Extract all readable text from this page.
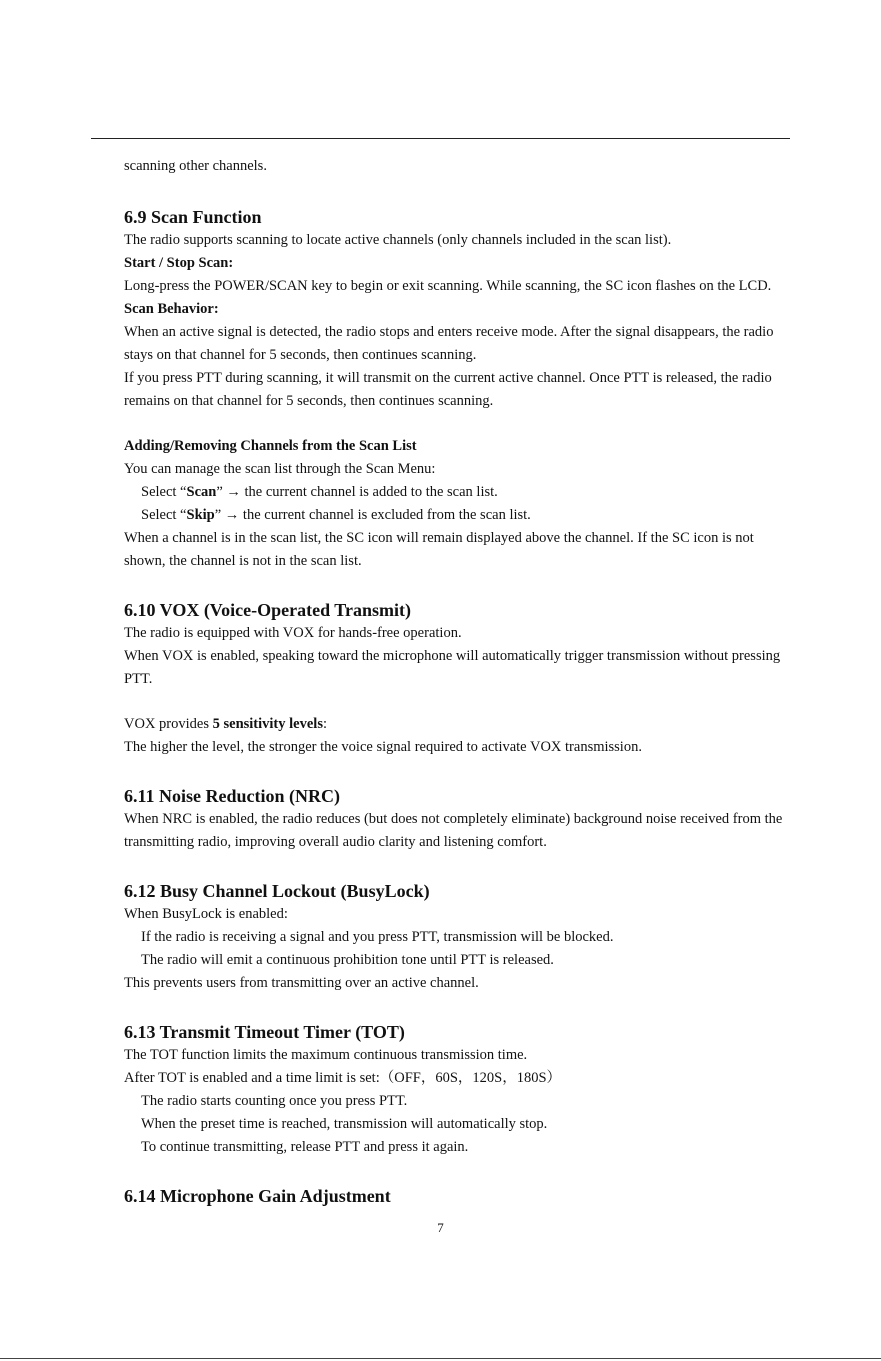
scanning other channels.

6.9 Scan Function

The radio supports scanning to locate active channels (only channels included in the scan list).

Start / Stop Scan:

Long-press the POWER/SCAN key to begin or exit scanning. While scanning, the SC icon flashes on the LCD.

Scan Behavior:

When an active signal is detected, the radio stops and enters receive mode. After the signal disappears, the radio stays on that channel for 5 seconds, then continues scanning.

If you press PTT during scanning, it will transmit on the current active channel. Once PTT is released, the radio remains on that channel for 5 seconds, then continues scanning.

Adding/Removing Channels from the Scan List

You can manage the scan list through the Scan Menu:

Select “Scan” → the current channel is added to the scan list.

Select “Skip” → the current channel is excluded from the scan list.

When a channel is in the scan list, the SC icon will remain displayed above the channel. If the SC icon is not shown, the channel is not in the scan list.

6.10 VOX (Voice-Operated Transmit)

The radio is equipped with VOX for hands-free operation.

When VOX is enabled, speaking toward the microphone will automatically trigger transmission without pressing PTT.

VOX provides 5 sensitivity levels:

The higher the level, the stronger the voice signal required to activate VOX transmission.

6.11 Noise Reduction (NRC)

When NRC is enabled, the radio reduces (but does not completely eliminate) background noise received from the transmitting radio, improving overall audio clarity and listening comfort.

6.12 Busy Channel Lockout (BusyLock)

When BusyLock is enabled:

If the radio is receiving a signal and you press PTT, transmission will be blocked.

The radio will emit a continuous prohibition tone until PTT is released.

This prevents users from transmitting over an active channel.

6.13 Transmit Timeout Timer (TOT)

The TOT function limits the maximum continuous transmission time.

After TOT is enabled and a time limit is set:（OFF，60S，120S，180S）

The radio starts counting once you press PTT.

When the preset time is reached, transmission will automatically stop.

To continue transmitting, release PTT and press it again.

6.14 Microphone Gain Adjustment

7
